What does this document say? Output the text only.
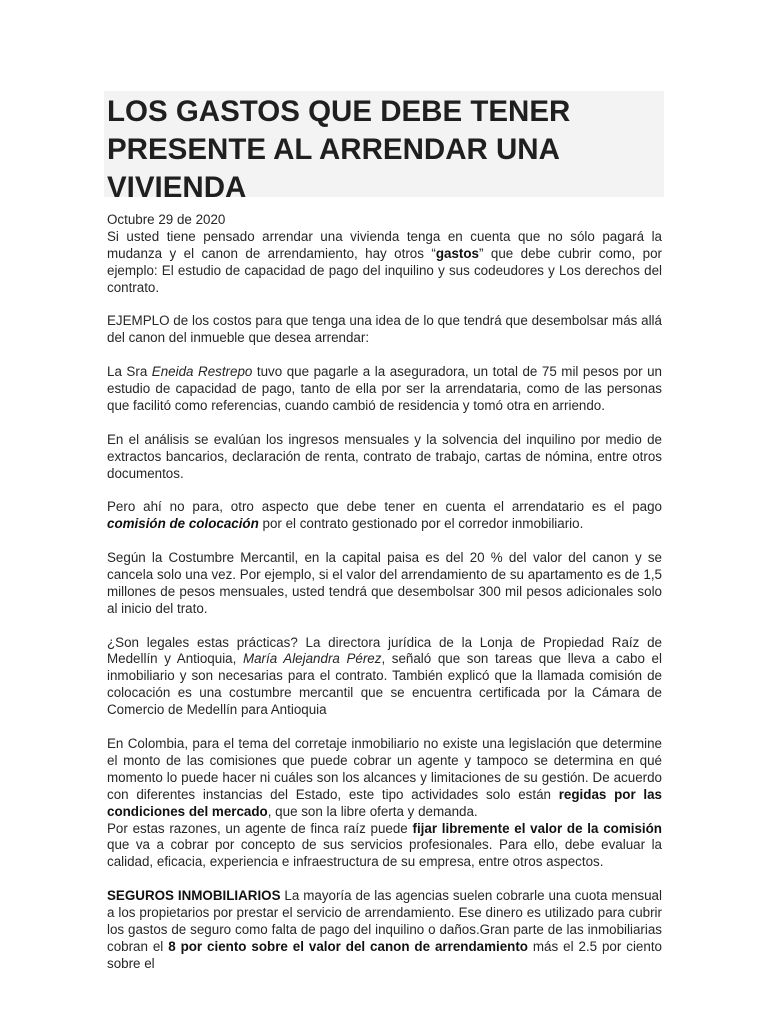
LOS GASTOS QUE DEBE TENER PRESENTE AL ARRENDAR UNA VIVIENDA
Octubre 29 de 2020

Si usted tiene pensado arrendar una vivienda tenga en cuenta que no sólo pagará la mudanza y el canon de arrendamiento, hay otros “gastos” que debe cubrir como, por ejemplo: El estudio de capacidad de pago del inquilino y sus codeudores y Los derechos del contrato.

EJEMPLO de los costos para que tenga una idea de lo que tendrá que desembolsar más allá del canon del inmueble que desea arrendar:

La Sra Eneida Restrepo tuvo que pagarle a la aseguradora, un total de 75 mil pesos por un estudio de capacidad de pago, tanto de ella por ser la arrendataria, como de las personas que facilitó como referencias, cuando cambió de residencia y tomó otra en arriendo.

En el análisis se evalúan los ingresos mensuales y la solvencia del inquilino por medio de extractos bancarios, declaración de renta, contrato de trabajo, cartas de nómina, entre otros documentos.

Pero ahí no para, otro aspecto que debe tener en cuenta el arrendatario es el pago comisión de colocación por el contrato gestionado por el corredor inmobiliario.

Según la Costumbre Mercantil, en la capital paisa es del 20 % del valor del canon y se cancela solo una vez. Por ejemplo, si el valor del arrendamiento de su apartamento es de 1,5 millones de pesos mensuales, usted tendrá que desembolsar 300 mil pesos adicionales solo al inicio del trato.

¿Son legales estas prácticas? La directora jurídica de la Lonja de Propiedad Raíz de Medellín y Antioquia, María Alejandra Pérez, señaló que son tareas que lleva a cabo el inmobiliario y son necesarias para el contrato. También explicó que la llamada comisión de colocación es una costumbre mercantil que se encuentra certificada por la Cámara de Comercio de Medellín para Antioquia

En Colombia, para el tema del corretaje inmobiliario no existe una legislación que determine el monto de las comisiones que puede cobrar un agente y tampoco se determina en qué momento lo puede hacer ni cuáles son los alcances y limitaciones de su gestión. De acuerdo con diferentes instancias del Estado, este tipo actividades solo están regidas por las condiciones del mercado, que son la libre oferta y demanda.

Por estas razones, un agente de finca raíz puede fijar libremente el valor de la comisión que va a cobrar por concepto de sus servicios profesionales. Para ello, debe evaluar la calidad, eficacia, experiencia e infraestructura de su empresa, entre otros aspectos.

SEGUROS INMOBILIARIOS La mayoría de las agencias suelen cobrarle una cuota mensual a los propietarios por prestar el servicio de arrendamiento. Ese dinero es utilizado para cubrir los gastos de seguro como falta de pago del inquilino o daños.Gran parte de las inmobiliarias cobran el 8 por ciento sobre el valor del canon de arrendamiento más el 2.5 por ciento sobre el
